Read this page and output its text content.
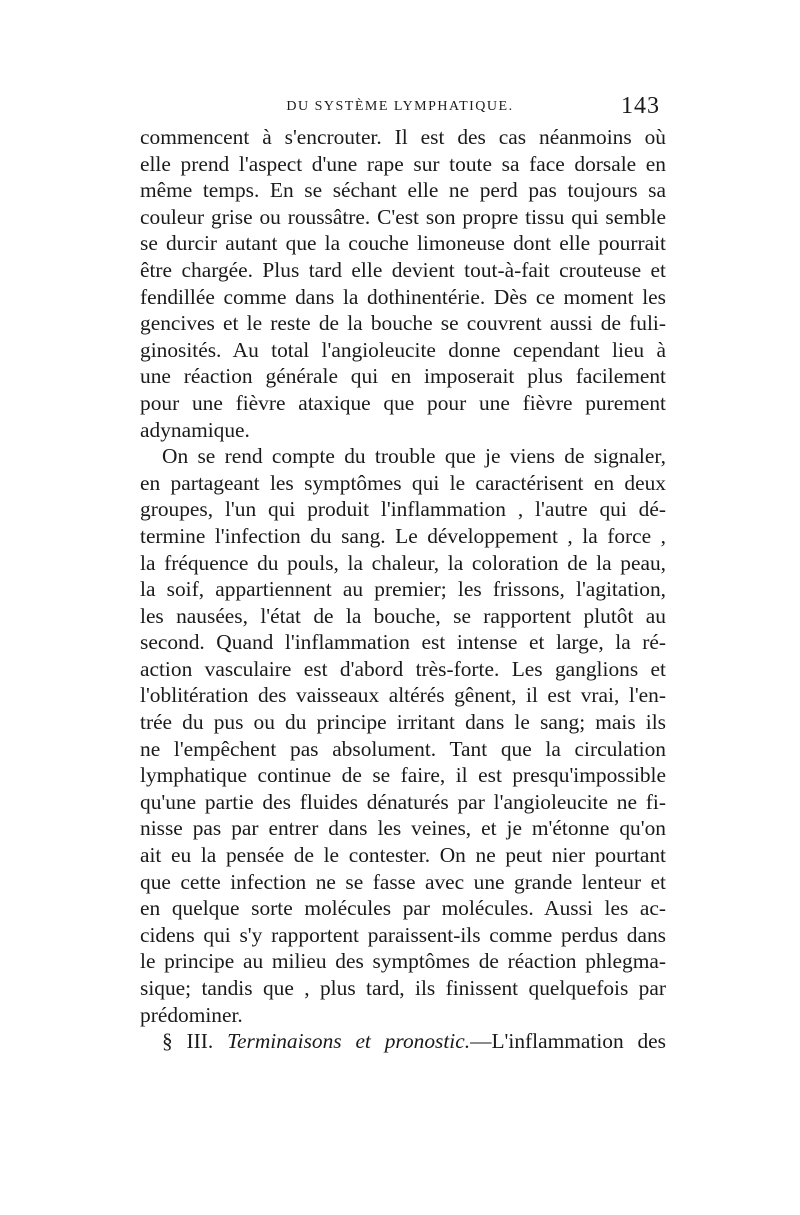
DU SYSTÈME LYMPHATIQUE.	143
commencent à s'encrouter. Il est des cas néanmoins où
elle prend l'aspect d'une rape sur toute sa face dorsale en
même temps. En se séchant elle ne perd pas toujours sa
couleur grise ou roussâtre. C'est son propre tissu qui semble
se durcir autant que la couche limoneuse dont elle pourrait
être chargée. Plus tard elle devient tout-à-fait crouteuse et
fendillée comme dans la dothinentérie. Dès ce moment les
gencives et le reste de la bouche se couvrent aussi de fuli-
ginosités. Au total l'angioleucite donne cependant lieu à
une réaction générale qui en imposerait plus facilement
pour une fièvre ataxique que pour une fièvre purement
adynamique.
On se rend compte du trouble que je viens de signaler,
en partageant les symptômes qui le caractérisent en deux
groupes, l'un qui produit l'inflammation , l'autre qui dé-
termine l'infection du sang. Le développement , la force ,
la fréquence du pouls, la chaleur, la coloration de la peau,
la soif, appartiennent au premier; les frissons, l'agitation,
les nausées, l'état de la bouche, se rapportent plutôt au
second. Quand l'inflammation est intense et large, la ré-
action vasculaire est d'abord très-forte. Les ganglions et
l'oblitération des vaisseaux altérés gênent, il est vrai, l'en-
trée du pus ou du principe irritant dans le sang; mais ils
ne l'empêchent pas absolument. Tant que la circulation
lymphatique continue de se faire, il est presqu'impossible
qu'une partie des fluides dénaturés par l'angioleucite ne fi-
nisse pas par entrer dans les veines, et je m'étonne qu'on
ait eu la pensée de le contester. On ne peut nier pourtant
que cette infection ne se fasse avec une grande lenteur et
en quelque sorte molécules par molécules. Aussi les ac-
cidens qui s'y rapportent paraissent-ils comme perdus dans
le principe au milieu des symptômes de réaction phlegma-
sique; tandis que , plus tard, ils finissent quelquefois par
prédominer.
§ III. Terminaisons et pronostic.—L'inflammation des
